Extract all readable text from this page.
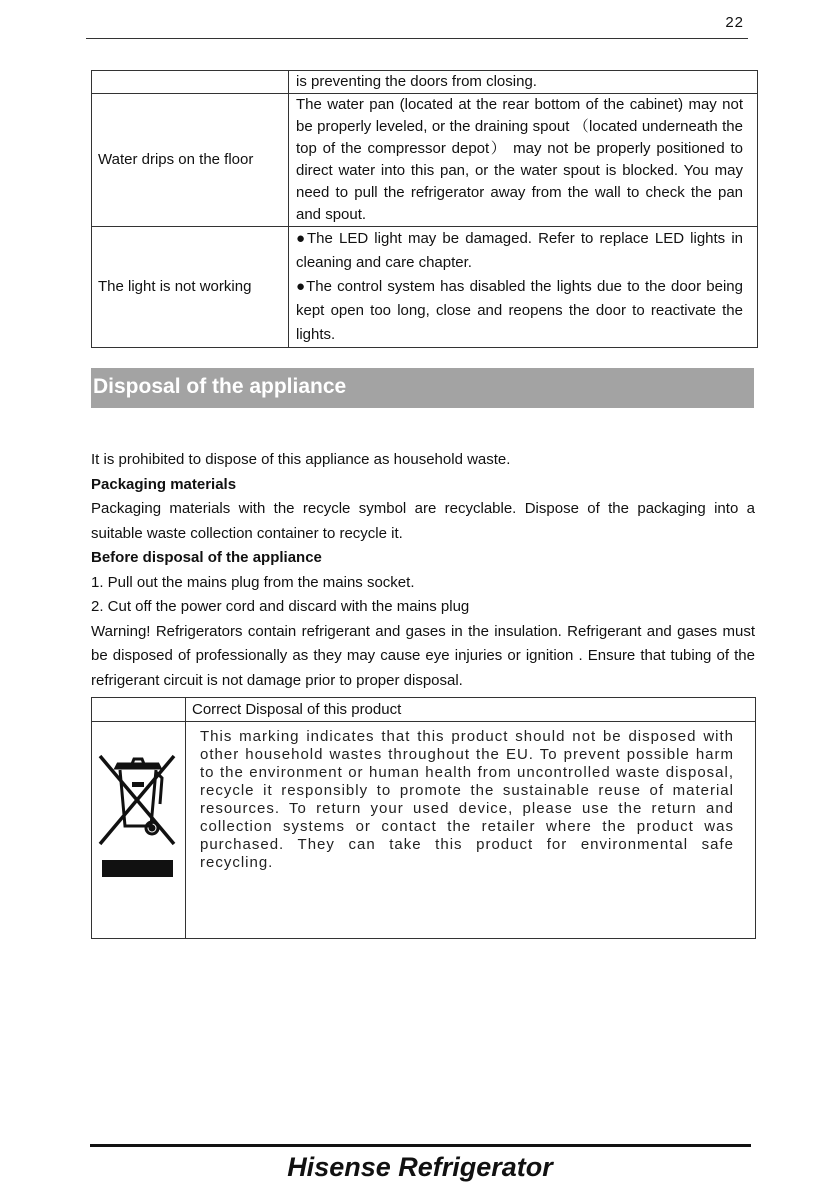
22
	is preventing the doors from closing.
Water drips on the floor	The water pan (located at the rear bottom of the cabinet) may not be properly leveled, or the draining spout （located underneath the top of the compressor depot） may not be properly positioned to direct water into this pan, or the water spout is blocked. You may need to pull the refrigerator away from the wall to check the pan and spout.
The light is not working	●The LED light may be damaged. Refer to replace LED lights in cleaning and care chapter.

●The control system has disabled the lights due to the door being kept open too long, close and reopens the door to reactivate the lights.

Disposal of the appliance

It is prohibited to dispose of this appliance as household waste.

Packaging materials

Packaging materials with the recycle symbol are recyclable. Dispose of the packaging into a suitable waste collection container to recycle it.

Before disposal of the appliance

1. Pull out the mains plug from the mains socket.

2. Cut off the power cord and discard with the mains plug

Warning! Refrigerators contain refrigerant and gases in the insulation. Refrigerant and gases must be disposed of professionally as they may cause eye injuries or ignition . Ensure that tubing of the refrigerant circuit is not damage prior to proper disposal.

Correct Disposal of this product
This marking indicates that this product should not be disposed with other household wastes throughout the EU. To prevent possible harm to the environment or human health from uncontrolled waste disposal, recycle it responsibly to promote the sustainable reuse of material resources. To return your used device, please use the return and collection systems or contact the retailer where the product was purchased. They can take this product for environmental safe recycling.
Hisense Refrigerator
